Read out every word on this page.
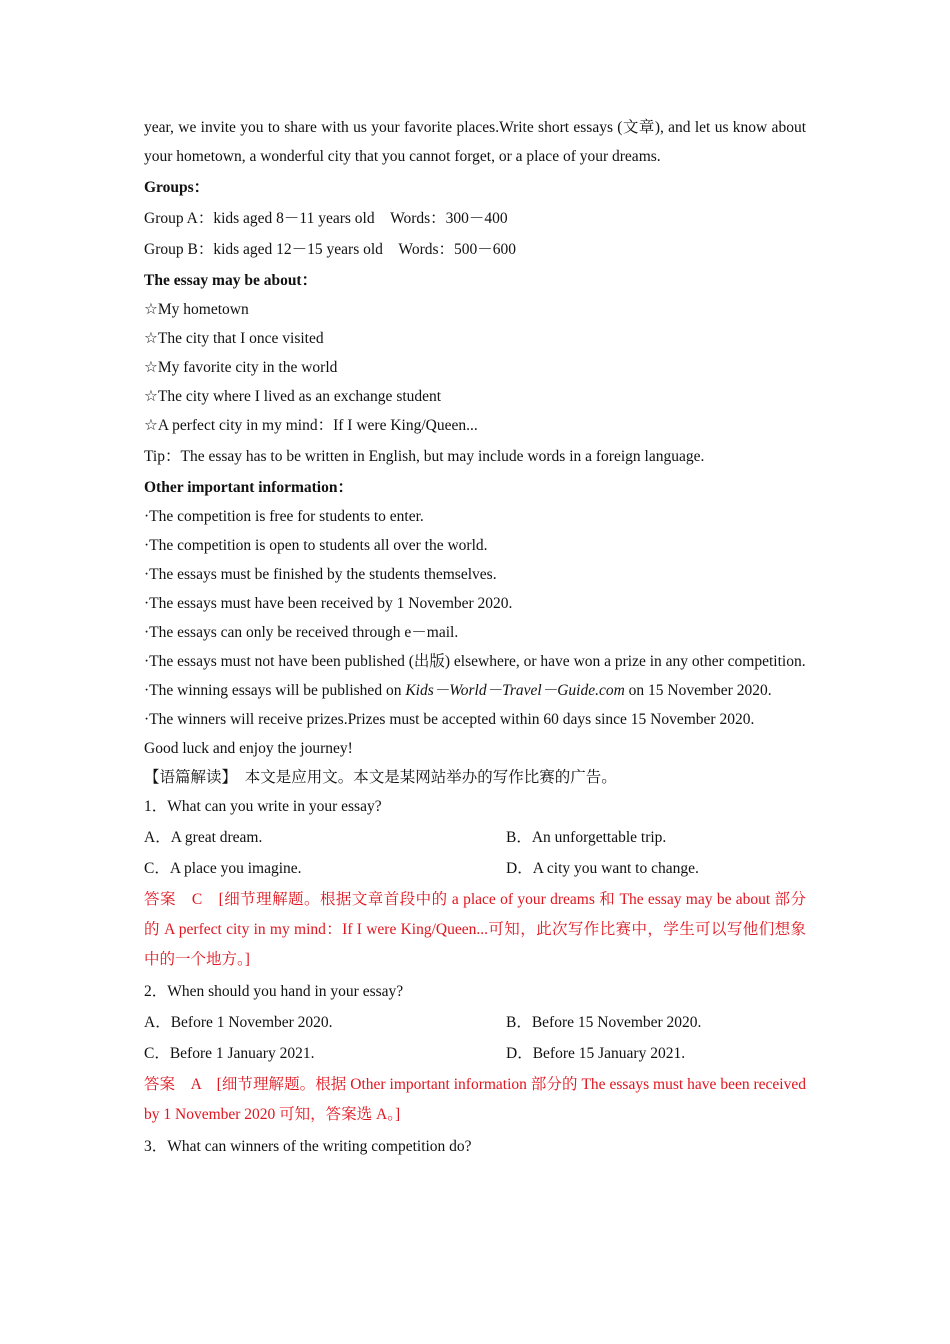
year, we invite you to share with us your favorite places.Write short essays (文章), and let us know about your hometown, a wonderful city that you cannot forget, or a place of your dreams.

Groups：
Group A：kids aged 8－11 years old　Words：300－400
Group B：kids aged 12－15 years old　Words：500－600
The essay may be about：
☆My hometown
☆The city that I once visited
☆My favorite city in the world
☆The city where I lived as an exchange student
☆A perfect city in my mind：If I were King/Queen...
Tip：The essay has to be written in English, but may include words in a foreign language.
Other important information：
·The competition is free for students to enter.
·The competition is open to students all over the world.
·The essays must be finished by the students themselves.
·The essays must have been received by 1 November 2020.
·The essays can only be received through e－mail.

·The essays must not have been published (出版) elsewhere, or have won a prize in any other competition.

·The winning essays will be published on Kids－World－Travel－Guide.com on 15 November 2020.

·The winners will receive prizes.Prizes must be accepted within 60 days since 15 November 2020.
Good luck and enjoy the journey!
【语篇解读】　本文是应用文。本文是某网站举办的写作比赛的广告。
1．What can you write in your essay?
A．A great dream.	B．An unforgettable trip.
C．A place you imagine.	D．A city you want to change.

答案　C　[细节理解题。根据文章首段中的 a place of your dreams 和 The essay may be about 部分的 A perfect city in my mind：If I were King/Queen...可知，此次写作比赛中，学生可以写他们想象中的一个地方。]

2．When should you hand in your essay?
A．Before 1 November 2020.	B．Before 15 November 2020.
C．Before 1 January 2021.	D．Before 15 January 2021.

答案　A　[细节理解题。根据 Other important information 部分的 The essays must have been received by 1 November 2020 可知，答案选 A。]

3．What can winners of the writing competition do?
